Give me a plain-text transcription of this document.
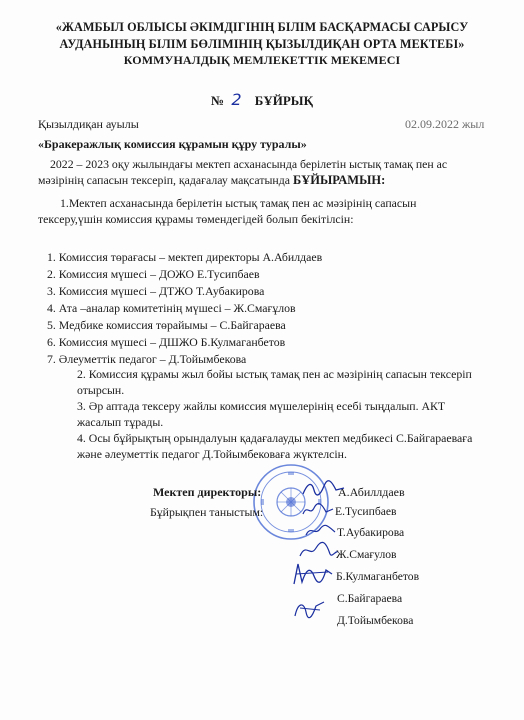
«ЖАМБЫЛ ОБЛЫСЫ ӘКІМДІГІНІҢ БІЛІМ БАСҚАРМАСЫ САРЫСУ
АУДАНЫНЫҢ БІЛІМ БӨЛІМІНІҢ ҚЫЗЫЛДИҚАН ОРТА МЕКТЕБІ»
КОММУНАЛДЫҚ МЕМЛЕКЕТТІК МЕКЕМЕСІ
№ 2 БҰЙРЫҚ
Қызылдиқан ауылы	02.09.2022 жыл
«Бракеражлық комиссия құрамын құру туралы»
2022 – 2023 оқу жылындағы мектеп асханасында берілетін ыстық тамақ пен ас
мәзірінің сапасын тексеріп, қадағалау мақсатында БҰЙЫРАМЫН:
1.Мектеп асханасында берілетін ыстық тамақ пен ас мәзірінің сапасын
тексеру,үшін комиссия құрамы төмендегідей болып бекітілсін:
1. Комиссия төрағасы – мектеп директоры А.Абилдаев
2. Комиссия мүшесі – ДОЖО Е.Тусипбаев
3. Комиссия мүшесі – ДТЖО Т.Аубакирова
4. Ата –аналар комитетінің мүшесі – Ж.Смағұлов
5. Медбике комиссия төрайымы – С.Байгараева
6. Комиссия мүшесі – ДШЖО Б.Кулмаганбетов
7. Әлеуметтік педагог – Д.Тойымбекова
2. Комиссия құрамы жыл бойы ыстық тамақ пен ас мәзірінің сапасын тексеріп
отырсын.
3. Әр аптада тексеру жайлы комиссия мүшелерінің есебі тыңдалып. АКТ
жасалып тұрады.
4. Осы бұйрықтың орындалуын қадағалауды мектеп медбикесі С.Байгараеваға
және әлеуметтік педагог Д.Тойымбековаға жүктелсін.
Мектеп директоры:	А.Абиллдаев
Бұйрықпен таныстым:	Е.Тусипбаев
Т.Аубакирова
Ж.Смағулов
Б.Кулмаганбетов
С.Байгараева
Д.Тойымбекова
